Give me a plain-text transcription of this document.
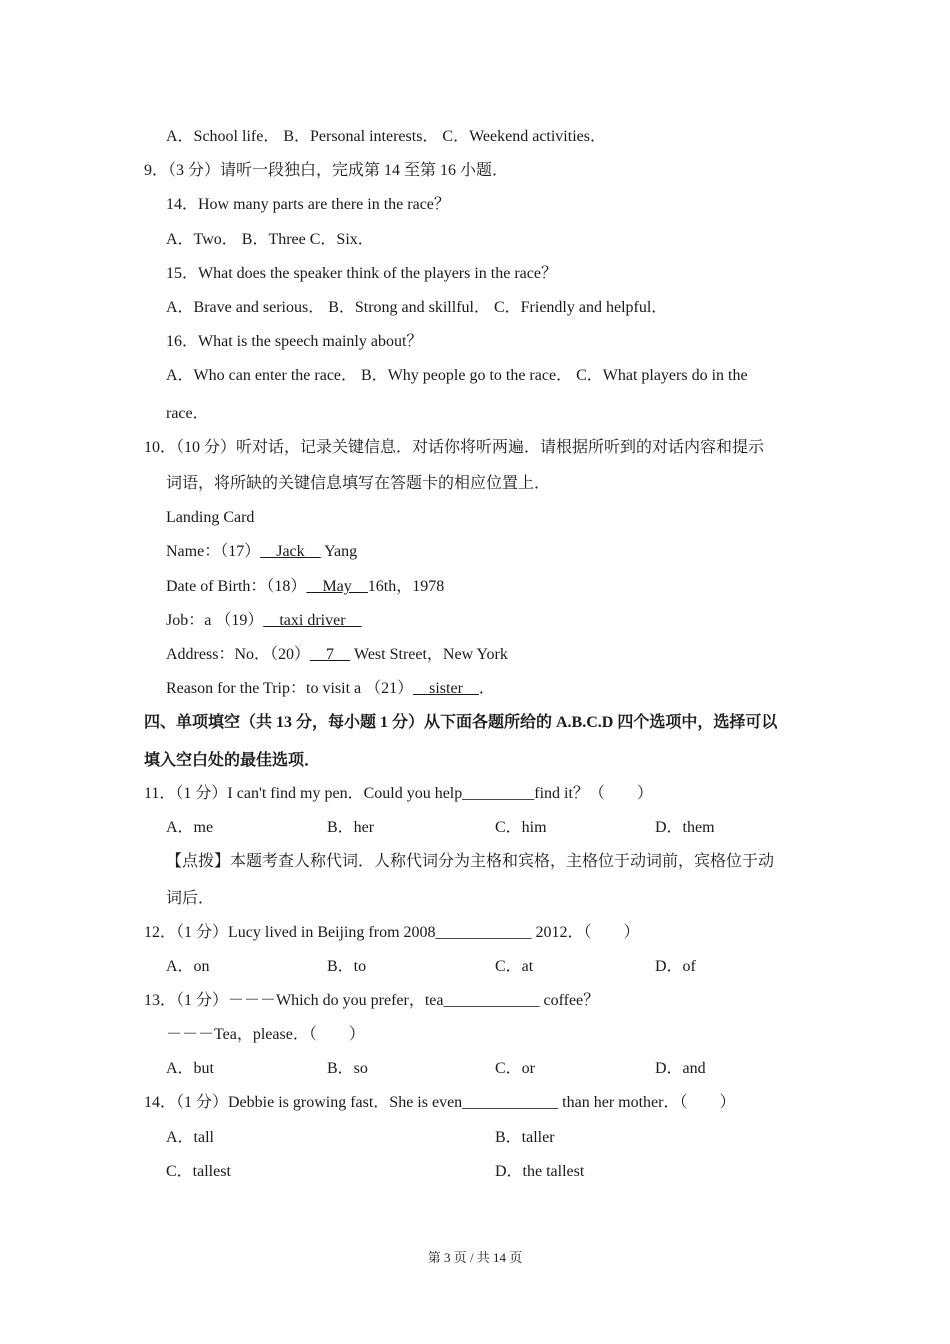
A．School life． B．Personal interests． C．Weekend activities．
9．（3 分）请听一段独白，完成第 14 至第 16 小题．
14．How many parts are there in the race？
A．Two． B．Three C．Six．
15．What does the speaker think of the players in the race？
A．Brave and serious． B．Strong and skillful． C．Friendly and helpful．
16．What is the speech mainly about？
A．Who can enter the race． B．Why people go to the race． C．What players do in the
race．
10．（10 分）听对话，记录关键信息．对话你将听两遍．请根据所听到的对话内容和提示
词语，将所缺的关键信息填写在答题卡的相应位置上．
Landing Card
Name：（17）__Jack__ Yang
Date of Birth：（18）__May__16th，1978
Job：a （19）__taxi driver__
Address：No．（20）__7__ West Street，New York
Reason for the Trip：to visit a （21）__sister__．
四、单项填空（共 13 分，每小题 1 分）从下面各题所给的 A.B.C.D 四个选项中，选择可以
填入空白处的最佳选项．
11．（1 分）I can't find my pen．Could you help_________find it？（　　）
A．me	B．her	C．him	D．them
【点拨】本题考查人称代词．人称代词分为主格和宾格，主格位于动词前，宾格位于动
词后．
12．（1 分）Lucy lived in Beijing from 2008____________ 2012．（　　）
A．on	B．to	C．at	D．of
13．（1 分）－－－Which do you prefer，tea____________ coffee？
－－－Tea，please．（　　）
A．but	B．so	C．or	D．and
14．（1 分）Debbie is growing fast．She is even____________ than her mother．（　　）
A．tall	B．taller
C．tallest	D．the tallest
第 3 页 / 共 14 页
